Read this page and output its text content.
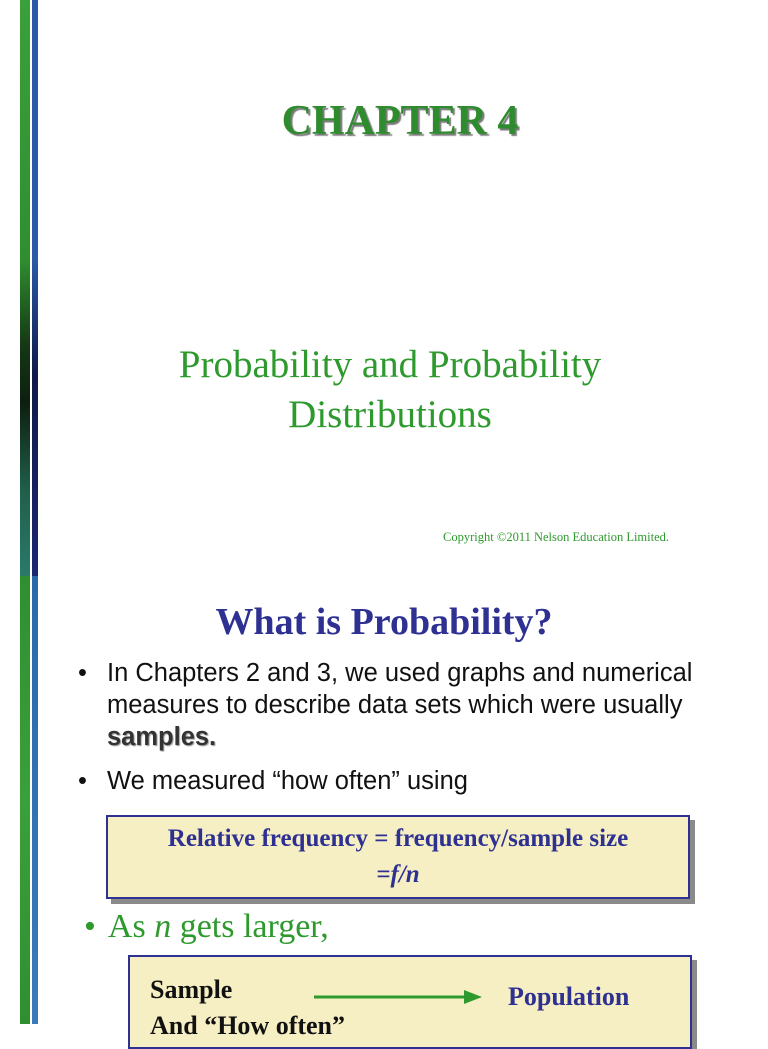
CHAPTER 4
Probability and Probability
Distributions
Copyright ©2011 Nelson Education Limited.
What is Probability?
• In Chapters 2 and 3, we used graphs and numerical measures to describe data sets which were usually samples.
• We measured “how often” using
Relative frequency = frequency/sample size
=f/n
• As n gets larger,
Sample
And “How often”
Population
